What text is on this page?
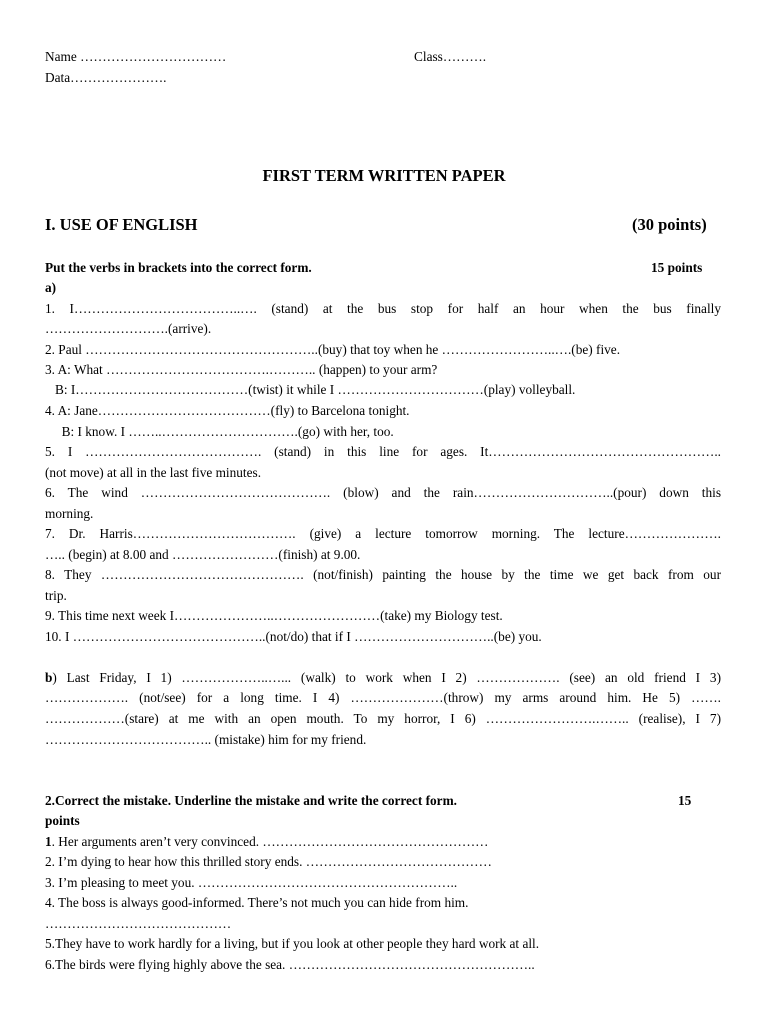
Name ……………………………	Class……….
Data………………….
FIRST TERM WRITTEN PAPER
I. USE OF ENGLISH	(30 points)
Put the verbs in brackets into the correct form.	15 points
a)
1. I………………………………..…. (stand) at the bus stop for half an hour when the bus finally
……………………….(arrive).
2. Paul ……………………………………………..(buy) that toy when he ……………………..….(be) five.
3. A: What ……………………………….……….. (happen) to your arm?
B: I…………………………………(twist) it while I ……………………………(play) volleyball.
4. A: Jane…………………………………(fly) to Barcelona tonight.
B: I know. I ……..………………………….(go) with her, too.
5. I …………………………………. (stand) in this line for ages. It……………………………………………..
(not move) at all in the last five minutes.
6. The wind ……………………………………. (blow) and the rain…………………………..(pour) down this
morning.
7. Dr. Harris………………………………. (give) a lecture tomorrow morning. The lecture………………….
….. (begin) at 8.00 and ……………………(finish) at 9.00.
8. They ………………………………………. (not/finish) painting the house by the time we get back from our
trip.
9. This time next week I…………………..……………………(take) my Biology test.
10. I ……………………………………..(not/do) that if I …………………………..(be) you.
b) Last Friday, I 1) ………………..…... (walk) to work when I 2) ………………. (see) an old friend I 3)
………………. (not/see) for a long time. I 4) …………………(throw) my arms around him. He 5) …….
………………(stare) at me with an open mouth. To my horror, I 6) …………………….…….. (realise), I 7)
……………………………….. (mistake) him for my friend.
2.Correct the mistake. Underline the mistake and write the correct form.	15
points
1. Her arguments aren’t very convinced. ……………………………………………
2. I’m dying to hear how this thrilled story ends. ……………………………………
3. I’m pleasing to meet you. …………………………………………………..
4. The boss is always good-informed. There’s not much you can hide from him.
……………………………………
5.They have to work hardly for a living, but if you look at other people they hard work at all.
6.The birds were flying highly above the sea. ………………………………………………..
